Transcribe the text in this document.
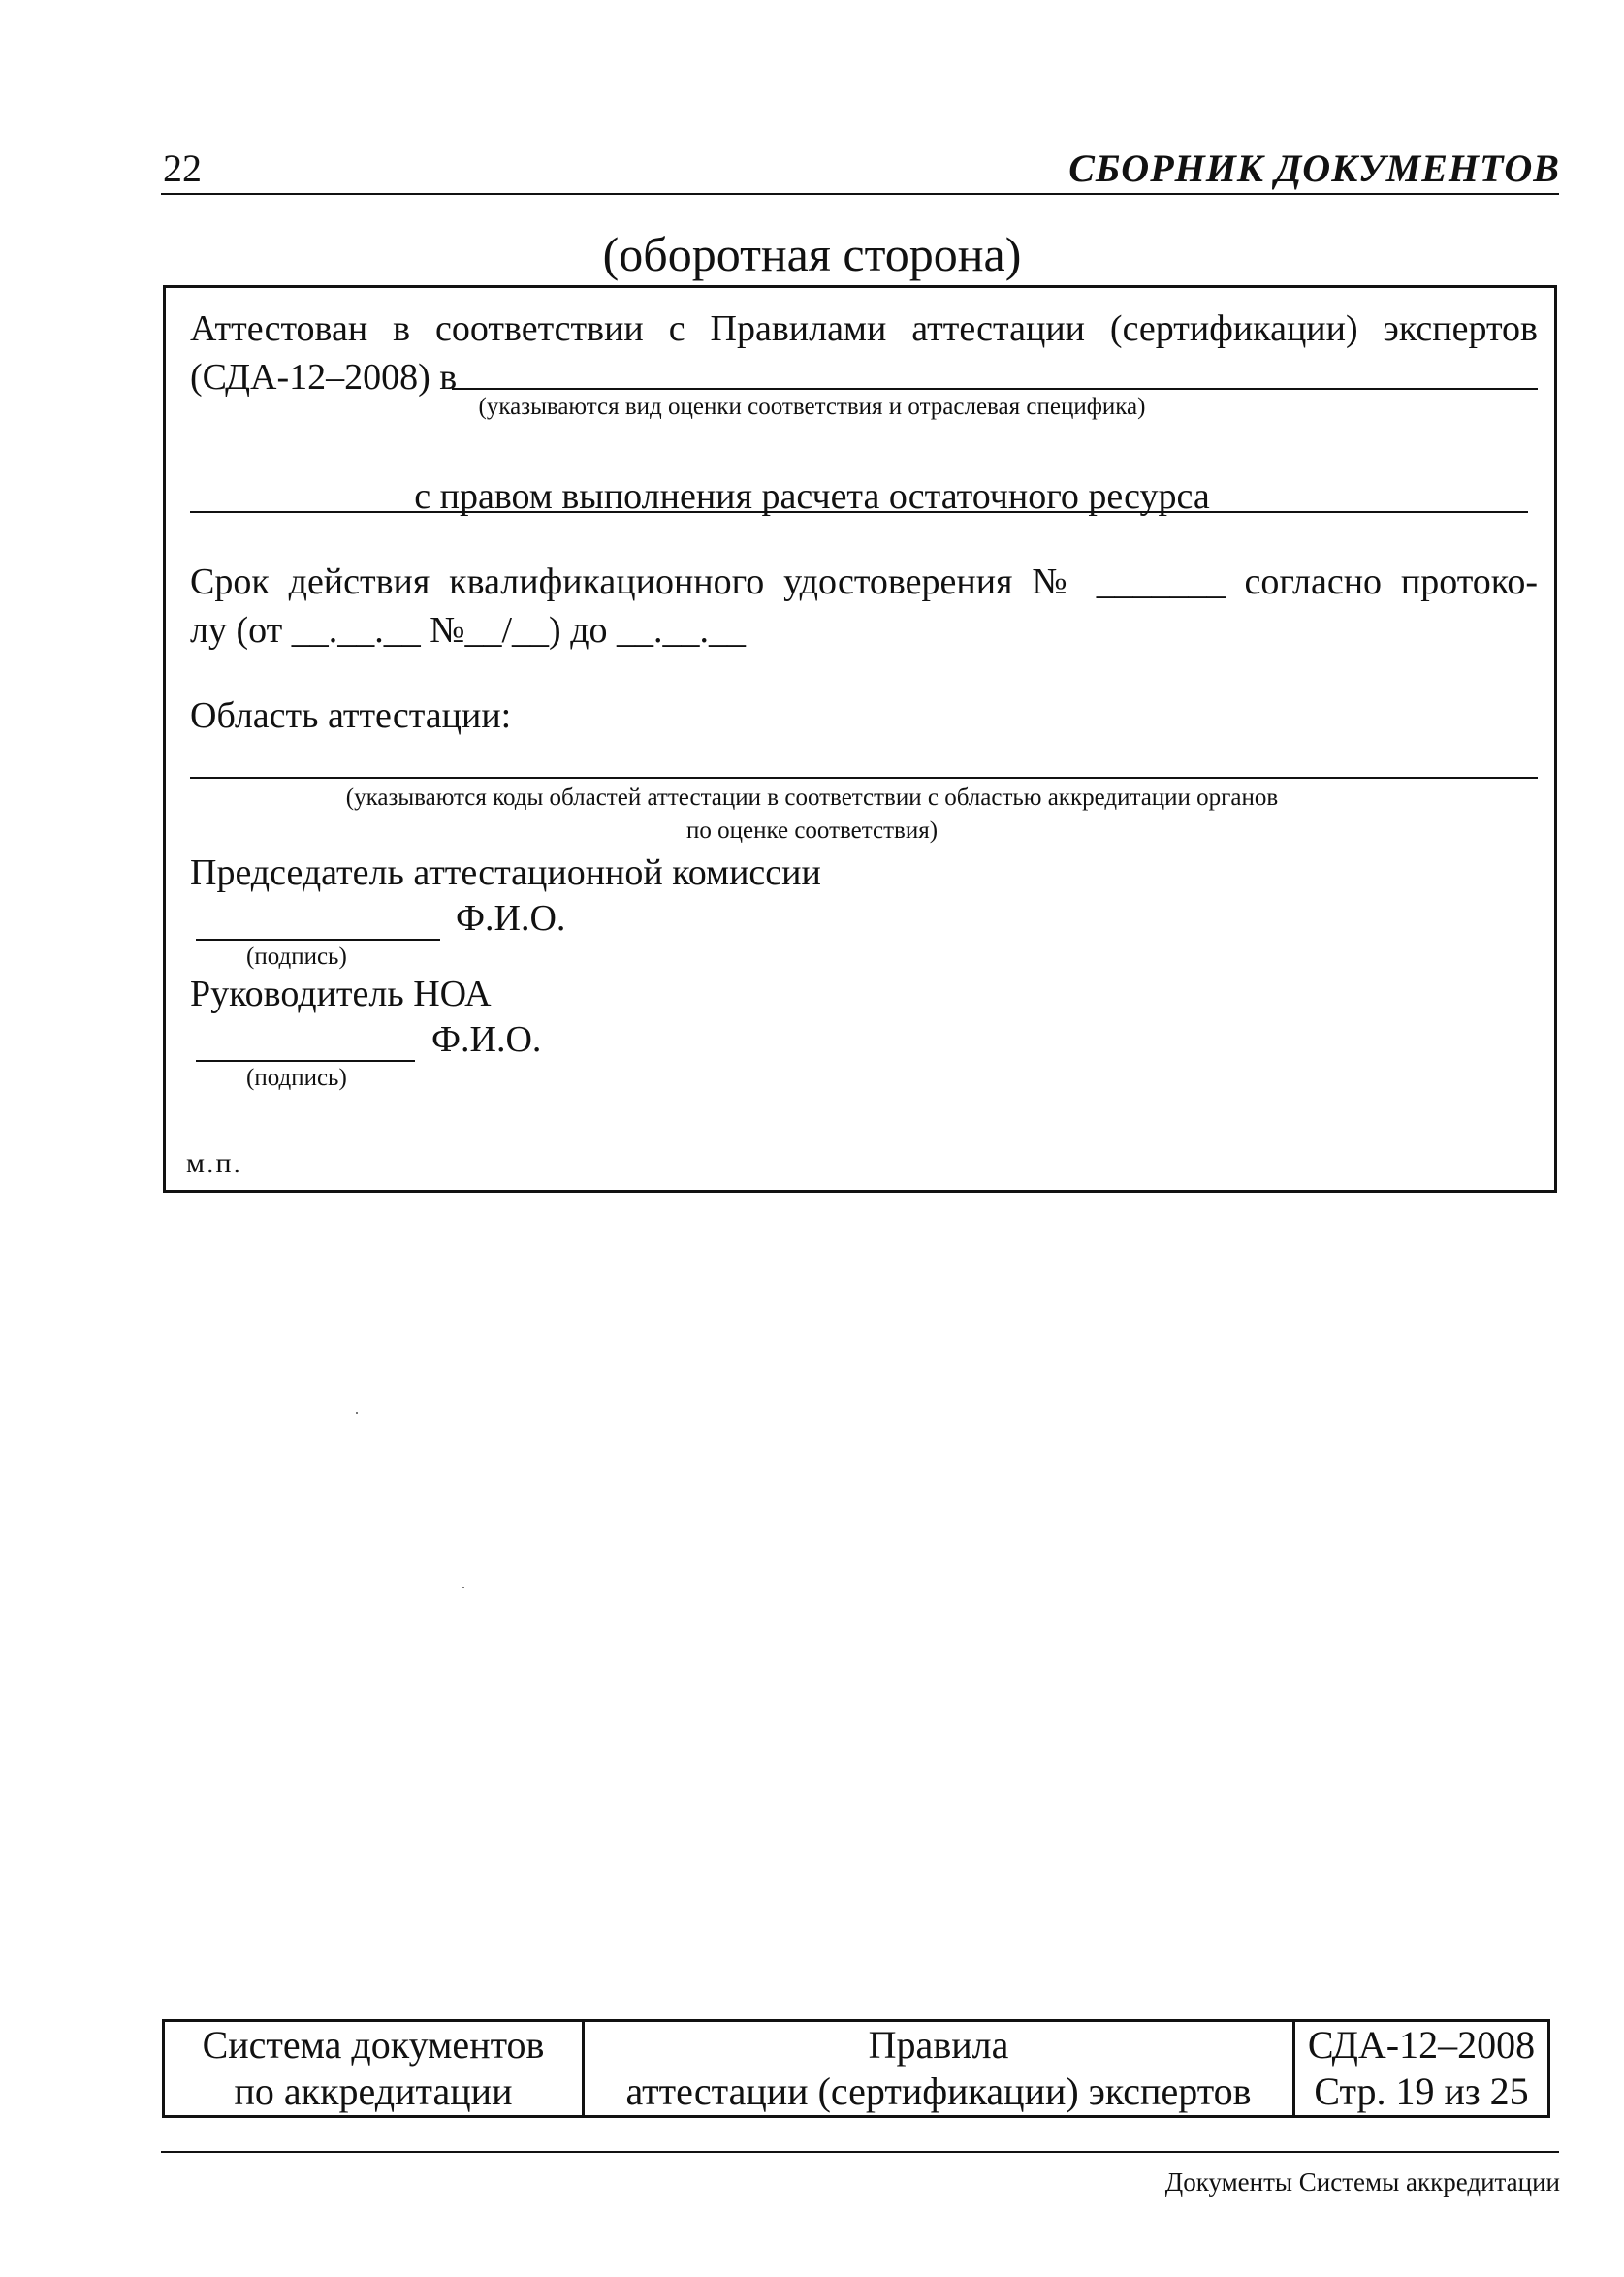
22	СБОРНИК ДОКУМЕНТОВ
(оборотная сторона)
Аттестован в соответствии с Правилами аттестации (сертификации) экспертов
(СДА-12–2008) в
(указываются вид оценки соответствия и отраслевая специфика)
с правом выполнения расчета остаточного ресурса
Срок действия квалификационного удостоверения № _______ согласно протоко-
лу (от __.__.__ №__/__) до __.__.__
Область аттестации:
(указываются коды областей аттестации в соответствии с областью аккредитации органов
по оценке соответствия)
Председатель аттестационной комиссии
Ф.И.О.
(подпись)
Руководитель НОА
Ф.И.О.
(подпись)
м.п.
Система документов
по аккредитации

Правила
аттестации (сертификации) экспертов

СДА-12–2008
Стр. 19 из 25
Документы Системы аккредитации
